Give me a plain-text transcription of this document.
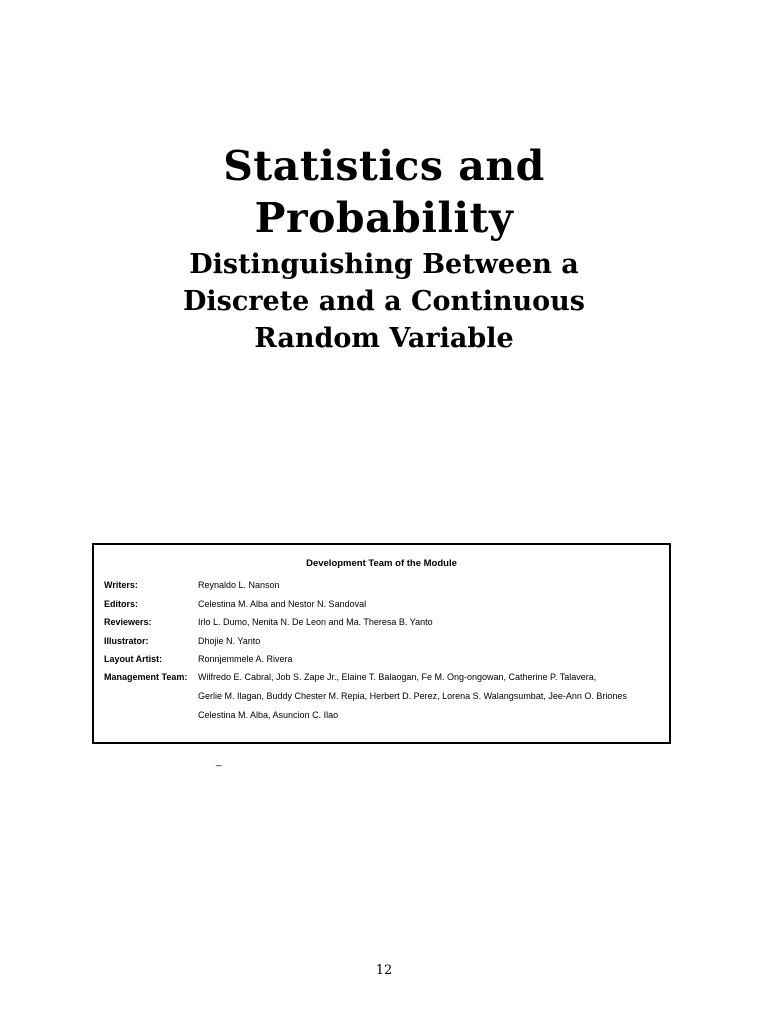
Statistics and
Probability
Distinguishing Between a
Discrete and a Continuous
Random Variable
Development Team of the Module
Writers:	Reynaldo L. Nanson
Editors:	Celestina M. Alba and Nestor N. Sandoval
Reviewers:	Irlo L. Dumo, Nenita N. De Leon and Ma. Theresa B. Yanto
Illustrator:	Dhojie N. Yanto
Layout Artist:	Ronnjemmele A. Rivera
Management Team: Wilfredo E. Cabral, Job S. Zape Jr., Elaine T. Balaogan, Fe M. Ong-ongowan, Catherine P. Talavera,
Gerlie M. Ilagan, Buddy Chester M. Repia, Herbert D. Perez, Lorena S. Walangsumbat, Jee-Ann O. Briones
Celestina M. Alba, Asuncion C. Ilao
_
12
